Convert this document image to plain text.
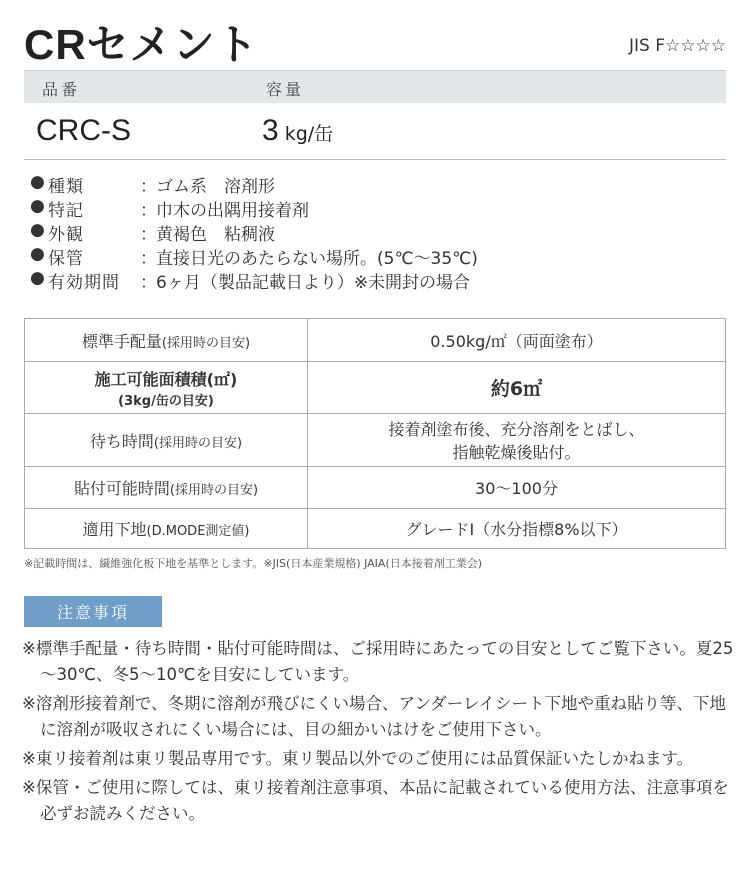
CRセメント	JIS F☆☆☆☆
品番	容量
CRC-S	3 kg/缶
● 種類	： ゴム系　溶剤形
● 特記	： 巾木の出隅用接着剤
● 外観	： 黄褐色　粘稠液
● 保管	： 直接日光のあたらない場所。(5℃～35℃)
● 有効期間	： 6ヶ月（製品記載日より）※未開封の場合
標準手配量(採用時の目安)	0.50kg/㎡（両面塗布）

施工可能面積積(㎡)
(3kg/缶の目安)	約6㎡
待ち時間(採用時の目安)	接着剤塗布後、充分溶剤をとばし、
指触乾燥後貼付。

貼付可能時間(採用時の目安)	30～100分
適用下地(D.MODE測定値)	グレードⅠ（水分指標8%以下）
※記載時間は、繊維強化板下地を基準とします。※JIS(日本産業規格) JAIA(日本接着剤工業会)
注意事項
※標準手配量・待ち時間・貼付可能時間は、ご採用時にあたっての目安としてご覧下さい。夏25～30℃、冬5～10℃を目安にしています。
※溶剤形接着剤で、冬期に溶剤が飛びにくい場合、アンダーレイシート下地や重ね貼り等、下地に溶剤が吸収されにくい場合には、目の細かいはけをご使用下さい。
※東リ接着剤は東リ製品専用です。東リ製品以外でのご使用には品質保証いたしかねます。
※保管・ご使用に際しては、東リ接着剤注意事項、本品に記載されている使用方法、注意事項を必ずお読みください。
